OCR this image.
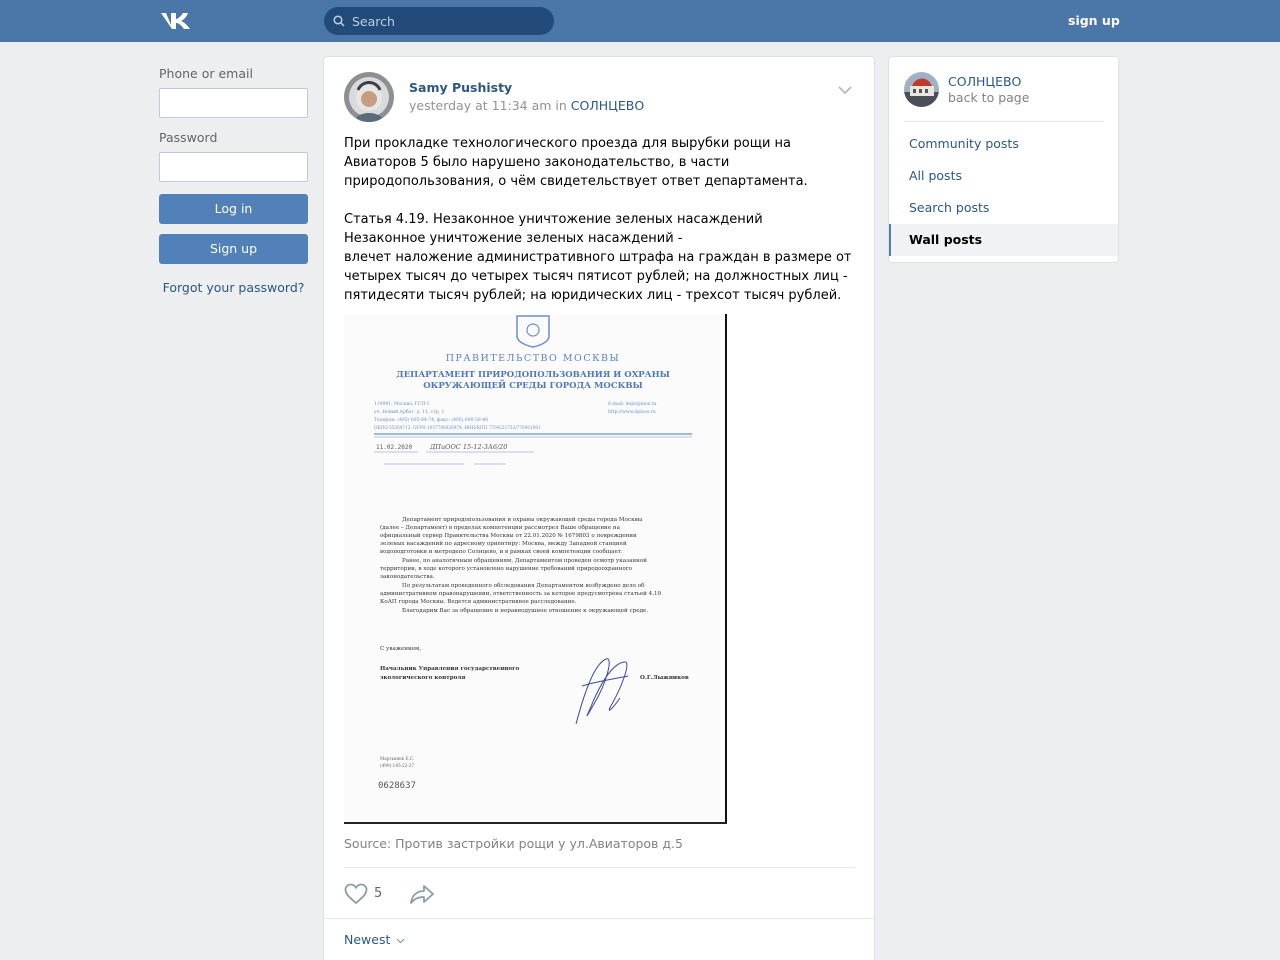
Search
sign up
Phone or email
Password
Log in
Sign up
Forgot your password?
Samy Pushisty
yesterday at 11:34 am in СОЛНЦЕВО

При прокладке технологического проезда для вырубки рощи на Авиаторов 5 было нарушено законодательство, в части природопользования, о чём свидетельствует ответ департамента.

Статья 4.19. Незаконное уничтожение зеленых насаждений
Незаконное уничтожение зеленых насаждений -
влечет наложение административного штрафа на граждан в размере от четырех тысяч до четырех тысяч пятисот рублей; на должностных лиц - пятидесяти тысяч рублей; на юридических лиц - трехсот тысяч рублей.

ПРАВИТЕЛЬСТВО МОСКВЫ
ДЕПАРТАМЕНТ ПРИРОДОПОЛЬЗОВАНИЯ И ОХРАНЫ
ОКРУЖАЮЩЕЙ СРЕДЫ ГОРОДА МОСКВЫ
119991, Москва, ГСП-1
ул. Новый Арбат, д. 11, стр. 1
Телефон: (495) 695-84-74, факс: (495) 690-58-48
ОКПО 55264712, ОГРН 1037700026974, ИНН/КПП 7704221753/770401001
E-mail: depr@mos.ru
http://www.dpioos.ru
11.02.2020	ДПиООС 15-12-3А6/20
Департамент природопользования и охраны окружающей среды города Москвы
(далее – Департамент) в пределах компетенции рассмотрел Ваше обращение на
официальный сервер Правительства Москвы от 22.01.2020 № 1679803 о повреждении
зеленых насаждений по адресному ориентиру: Москва, между Западной станцией
водоподготовки и метродепо Солнцево, и в рамках своей компетенции сообщает.
Ранее, по аналогичным обращениям, Департаментом проведен осмотр указанной
территории, в ходе которого установлено нарушение требований природоохранного
законодательства.
По результатам проведенного обследования Департаментом возбуждено дело об
административном правонарушении, ответственность за которое предусмотрена статьей 4.19
КоАП города Москвы. Ведется административное расследование.
Благодарим Вас за обращение и неравнодушное отношение к окружающей среде.
С уважением,
Начальник Управления государственного
экологического контроля	О.Г.Лыжников
Мартынюк Е.С.
(499)-145-22-27
0628637
Source: Против застройки рощи у ул.Авиаторов д.5
5
Newest
СОЛНЦЕВО
back to page
Community posts
All posts
Search posts
Wall posts
